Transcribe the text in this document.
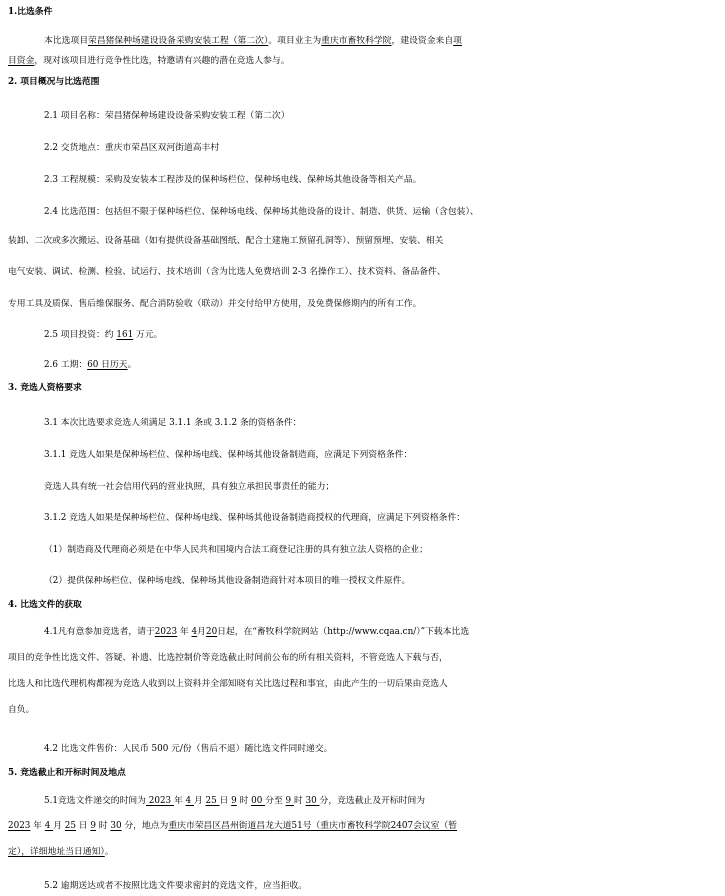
1.比选条件
本比选项目荣昌猪保种场建设设备采购安装工程（第二次）。项目业主为重庆市畜牧科学院，建设资金来自项
目资金，现对该项目进行竞争性比选，特邀请有兴趣的潜在竞选人参与。
2. 项目概况与比选范围
2.1 项目名称：荣昌猪保种场建设设备采购安装工程（第二次）
2.2 交货地点：重庆市荣昌区双河街道高丰村
2.3 工程规模：采购及安装本工程涉及的保种场栏位、保种场电线、保种场其他设备等相关产品。
2.4 比选范围：包括但不限于保种场栏位、保种场电线、保种场其他设备的设计、制造、供货、运输（含包装）、
装卸、二次或多次搬运、设备基础（如有提供设备基础图纸、配合土建施工预留孔洞等）、预留预埋、安装、相关
电气安装、调试、检测、检验、试运行、技术培训（含为比选人免费培训 2-3 名操作工）、技术资料、备品备件、
专用工具及质保、售后维保服务、配合消防验收（联动）并交付给甲方使用，及免费保修期内的所有工作。
2.5 项目投资：约 161 万元。
2.6 工期：60 日历天。
3. 竞选人资格要求
3.1 本次比选要求竞选人须满足 3.1.1 条或 3.1.2 条的资格条件：
3.1.1 竞选人如果是保种场栏位、保种场电线、保种场其他设备制造商，应满足下列资格条件：
竞选人具有统一社会信用代码的营业执照，具有独立承担民事责任的能力；
3.1.2 竞选人如果是保种场栏位、保种场电线、保种场其他设备制造商授权的代理商，应满足下列资格条件：
（1）制造商及代理商必须是在中华人民共和国境内合法工商登记注册的具有独立法人资格的企业；
（2）提供保种场栏位、保种场电线、保种场其他设备制造商针对本项目的唯一授权文件原件。
4. 比选文件的获取
4.1凡有意参加竞选者，请于2023 年 4月20日起，在“畜牧科学院网站（http://www.cqaa.cn/）”下载本比选
项目的竞争性比选文件、答疑、补遗、比选控制价等竞选截止时间前公布的所有相关资料，不管竞选人下载与否，
比选人和比选代理机构都视为竞选人收到以上资料并全部知晓有关比选过程和事宜，由此产生的一切后果由竞选人
自负。
4.2 比选文件售价：人民币 500 元/份（售后不退）随比选文件同时递交。
5. 竞选截止和开标时间及地点
5.1竞选文件递交的时间为 2023 年 4 月 25 日 9 时 00 分至 9 时 30 分，竞选截止及开标时间为
2023 年 4 月 25 日 9 时 30 分，地点为重庆市荣昌区昌州街道昌龙大道51号（重庆市畜牧科学院2407会议室（暂
定），详细地址当日通知）。
5.2 逾期送达或者不按照比选文件要求密封的竞选文件，应当拒收。
